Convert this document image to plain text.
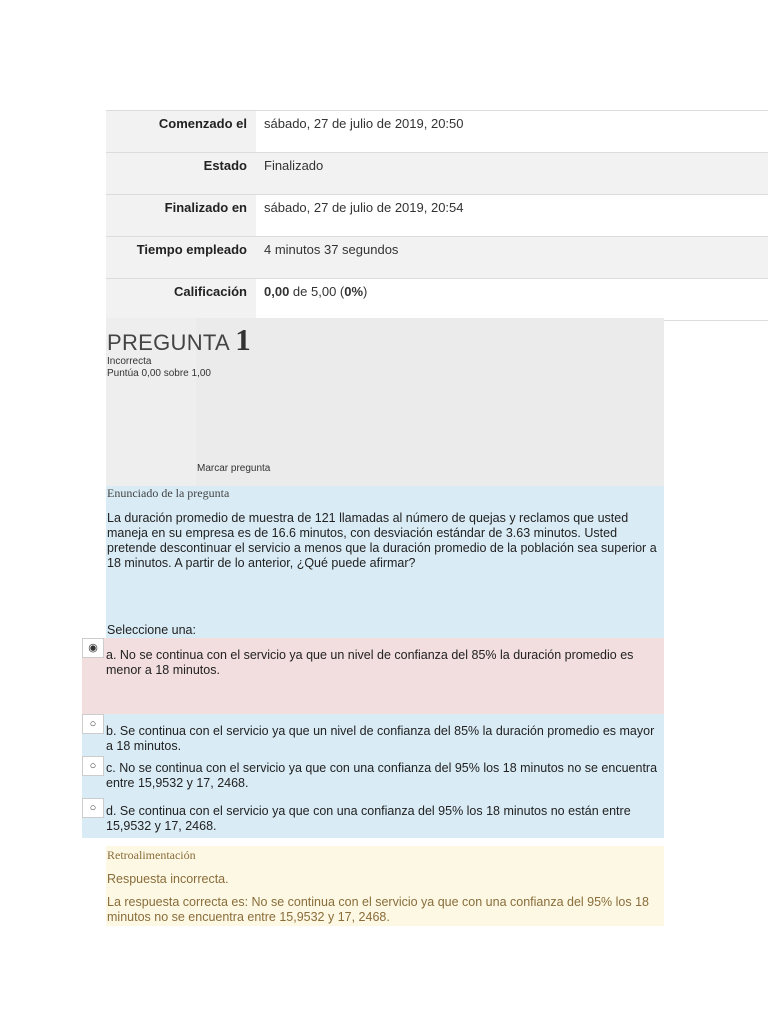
Comenzado el	sábado, 27 de julio de 2019, 20:50
Estado	Finalizado
Finalizado en	sábado, 27 de julio de 2019, 20:54
Tiempo empleado	4 minutos 37 segundos
Calificación	0,00 de 5,00 (0%)
PREGUNTA 1
Incorrecta
Puntúa 0,00 sobre 1,00
Marcar pregunta
Enunciado de la pregunta
La duración promedio de muestra de 121 llamadas al número de quejas y reclamos que usted maneja en su empresa es de 16.6 minutos, con desviación estándar de 3.63 minutos. Usted pretende descontinuar el servicio a menos que la duración promedio de la población sea superior a 18 minutos. A partir de lo anterior, ¿Qué puede afirmar?
Seleccione una:
◉
a. No se continua con el servicio ya que un nivel de confianza del 85% la duración promedio es menor a 18 minutos.
○
b. Se continua con el servicio ya que un nivel de confianza del 85% la duración promedio es mayor a 18 minutos.
○ c. No se continua con el servicio ya que con una confianza del 95% los 18 minutos no se encuentra entre 15,9532 y 17, 2468.
○ d. Se continua con el servicio ya que con una confianza del 95% los 18 minutos no están entre 15,9532 y 17, 2468.
Retroalimentación
Respuesta incorrecta.
La respuesta correcta es: No se continua con el servicio ya que con una confianza del 95% los 18 minutos no se encuentra entre 15,9532 y 17, 2468.
